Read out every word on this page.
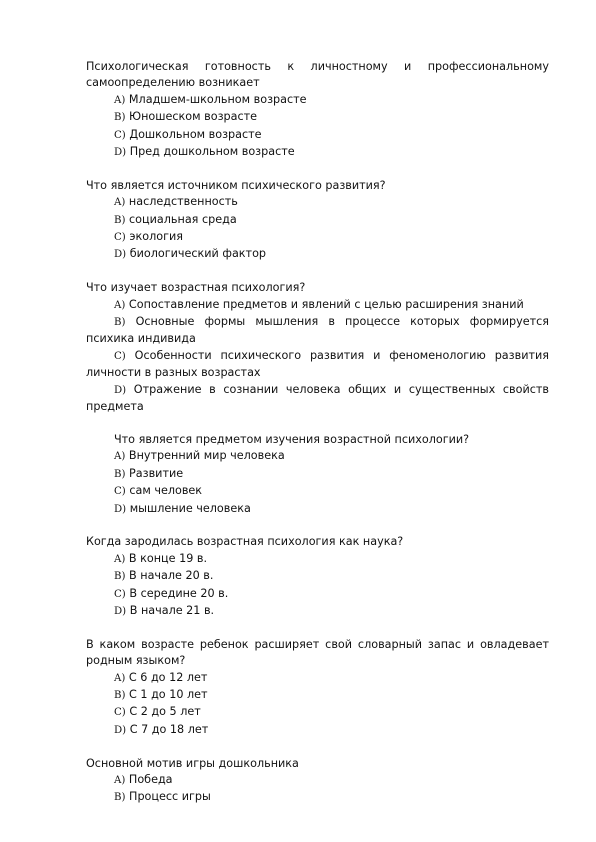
Психологическая готовность к личностному и профессиональному самоопределению возникает

A) Младшем-школьном возрасте
B) Юношеском возрасте
C) Дошкольном возрасте
D) Пред дошкольном возрасте

Что является источником психического развития?

A) наследственность
B) социальная среда
C) экология
D) биологический фактор

Что изучает возрастная психология?

A) Сопоставление предметов и явлений с целью расширения знаний
B) Основные формы мышления в процессе которых формируется психика индивида
C) Особенности психического развития и феноменологию развития личности в разных возрастах
D) Отражение в сознании человека общих и существенных свойств предмета

Что является предметом изучения возрастной психологии?

A) Внутренний мир человека
B) Развитие
C) сам человек
D) мышление человека

Когда зародилась возрастная психология как наука?

A) В конце 19 в.
B) В начале 20 в.
C) В середине 20 в.
D) В начале 21 в.

В каком возрасте ребенок расширяет свой словарный запас и овладевает родным языком?

A) С 6 до 12 лет
B) С 1 до 10 лет
C) С 2 до 5 лет
D) С 7 до 18 лет

Основной мотив игры дошкольника

A) Победа
B) Процесс игры
